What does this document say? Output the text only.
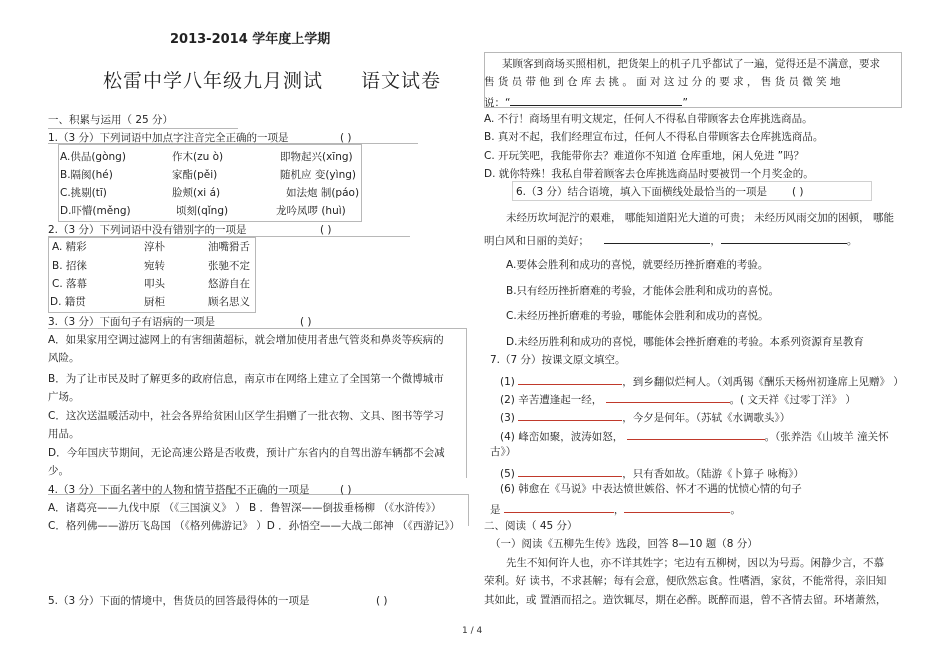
2013-2014 学年度上学期
松雷中学八年级九月测试 语文试卷
一、积累与运用（ 25 分）
1.（3 分）下列词语中加点字注音完全正确的一项是	( )
A.供品(gòng)	作木(zu ò)	即物起兴(xīng)
B.隔阂(hé)	家酯(pěi)	随机应 变(yìng)
C.挑剔(tī)	脸颊(xi á)	如法炮 制(páo)
D.吓懵(měng)	顷刻(qǐng)	龙吟凤啰 (huì)
2.（3 分）下列词语中没有错别字的一项是	( )
A. 精彩	淳朴	油嘴猾舌
B. 招徕	宛转	张驰不定
C. 落幕	叩头	悠游自在
D. 籍贯	厨柜	顾名思义
3.（3 分）下面句子有语病的一项是	( )
A．如果家用空调过滤网上的有害细菌超标，就会增加使用者患气管炎和鼻炎等疾病的
风险。
B．为了让市民及时了解更多的政府信息，南京市在网络上建立了全国第一个微博城市
广场。
C．这次送温暖活动中，社会各界给贫困山区学生捐赠了一批衣物、文具、图书等学习
用品。
D．今年国庆节期间，无论高速公路是否收费，预计广东省内的自驾出游车辆都不会减
少。
4.（3 分）下面名著中的人物和情节搭配不正确的一项是	( )
A．诸葛亮——九伐中原 （《三国演义》 ） B ．鲁智深——倒拔垂杨柳 （《水浒传》）
C．格列佛——游历飞岛国 （《格列佛游记》 ）D ．孙悟空——大战二郎神 （《西游记》）
5.（3 分）下面的情境中，售货员的回答最得体的一项是	( )
某顾客到商场买照相机，把货架上的机子几乎都试了一遍，觉得还是不满意，要求
售 货 员 带 他 到 仓 库 去 挑 。 面 对 这 过 分 的 要 求 ， 售 货 员 微 笑 地
说：“	”
A. 不行！商场里有明文规定，任何人不得私自带顾客去仓库挑选商品。
B. 真对不起，我们经理宣布过，任何人不得私自带顾客去仓库挑选商品。
C. 开玩笑吧，我能带你去？难道你不知道 仓库重地，闲人免进 ”吗？
D. 就你特殊！我私自带着顾客去仓库挑选商品时要被罚一个月奖金的。
6.（3 分）结合语境，填入下面横线处最恰当的一项是 ( )
未经历坎坷泥泞的艰难， 哪能知道阳光大道的可贵； 未经历风雨交加的困顿， 哪能
明白风和日丽的美好；	，	。
A.要体会胜利和成功的喜悦，就要经历挫折磨难的考验。
B.只有经历挫折磨难的考验，才能体会胜利和成功的喜悦。
C.未经历挫折磨难的考验，哪能体会胜利和成功的喜悦。
D.未经历胜利和成功的喜悦，哪能体会挫折磨难的考验。本系列资源育星教育
7.（7 分）按课文原文填空。
(1)	，到乡翻似烂柯人。（刘禹锡《酬乐天杨州初逢席上见赠》 ）
(2) 辛苦遭逢起一经，	。( 文天祥《过零丁洋》 ）
(3)	，今夕是何年。（苏轼《水调歌头》）
(4) 峰峦如聚，波涛如怒，	。（张养浩《山坡羊 潼关怀
古》）
(5)	，只有香如故。（陆游《卜算子 咏梅》）
(6) 韩愈在《马说》中表达愤世嫉俗、怀才不遇的忧愤心情的句子
是	，	。
二、阅读（ 45 分）
（一）阅读《五柳先生传》选段，回答 8—10 题（8 分）
先生不知何许人也，亦不详其姓字；宅边有五柳树，因以为号焉。闲静少言，不慕
荣利。好 读书，不求甚解；每有会意，便欣然忘食。性嗜酒，家贫，不能常得，亲旧知
其如此，或 置酒而招之。造饮辄尽，期在必醉。既醉而退，曾不吝情去留。环堵萧然，
1 / 4
